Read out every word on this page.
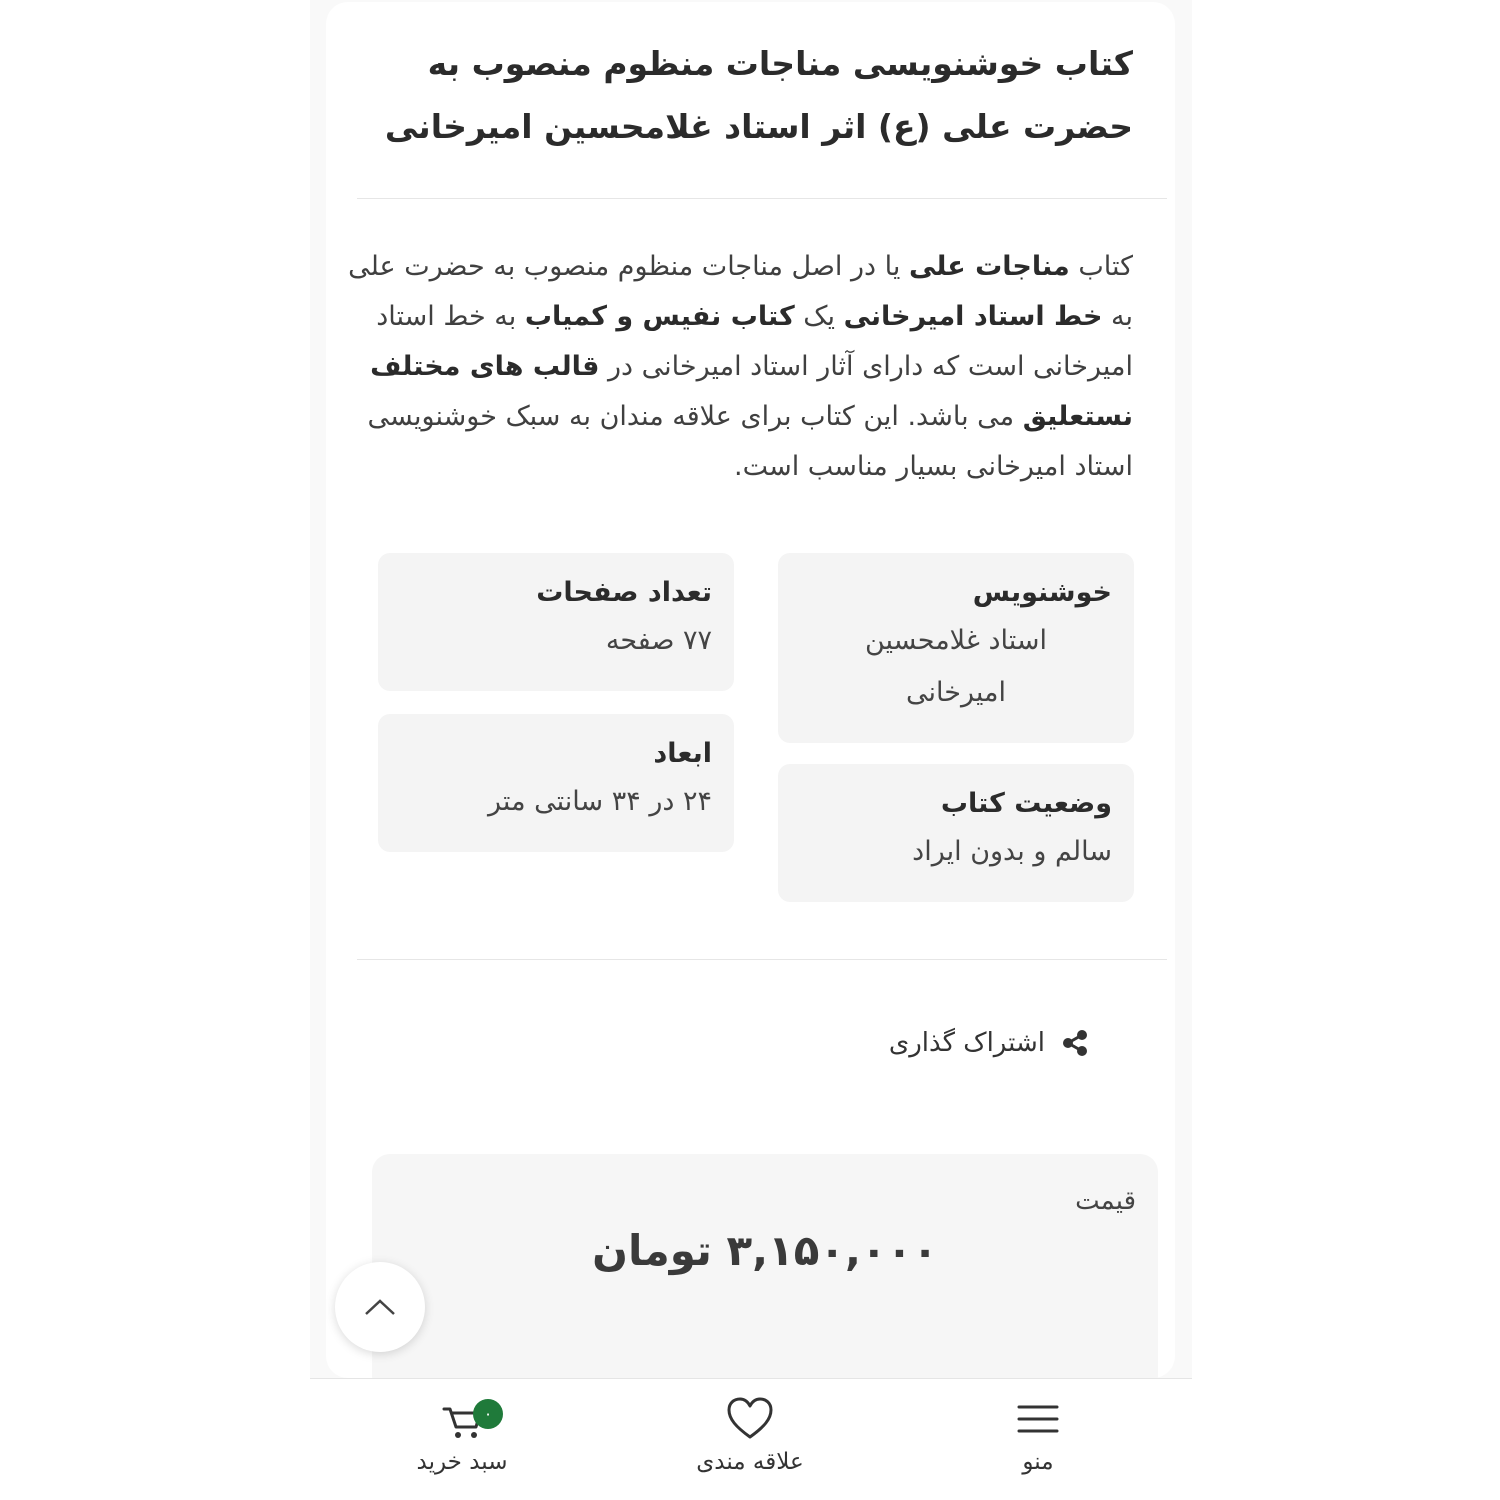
کتاب خوشنویسی مناجات منظوم منصوب به حضرت علی (ع) اثر استاد غلامحسین امیرخانی

کتاب مناجات علی یا در اصل مناجات منظوم منصوب به حضرت علی به خط استاد امیرخانی یک کتاب نفیس و کمیاب به خط استاد امیرخانی است که دارای آثار استاد امیرخانی در قالب های مختلف نستعلیق می باشد. این کتاب برای علاقه مندان به سبک خوشنویسی استاد امیرخانی بسیار مناسب است.

خوشنویس
استاد غلامحسین
امیرخانی
تعداد صفحات
۷۷ صفحه
وضعیت کتاب
سالم و بدون ایراد
ابعاد
۲۴ در ۳۴ سانتی متر
اشتراک گذاری
قیمت
۳,۱۵۰,۰۰۰ تومان
۰
سبد خرید	علاقه مندی	منو
